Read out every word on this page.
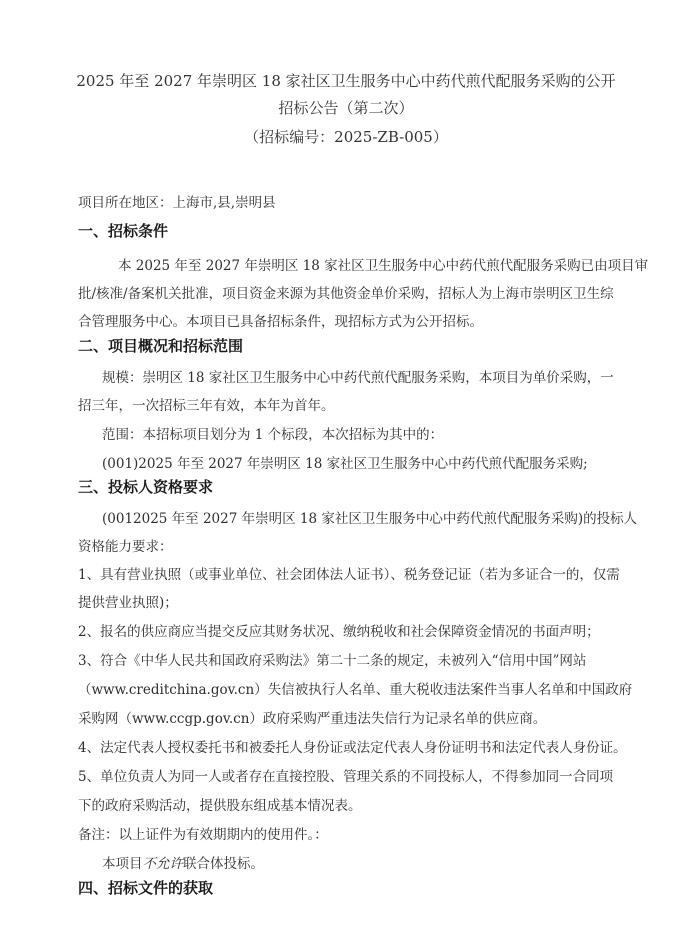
2025 年至 2027 年崇明区 18 家社区卫生服务中心中药代煎代配服务采购的公开
招标公告（第二次）
（招标编号：2025-ZB-005）
项目所在地区：上海市,县,崇明县
一、招标条件
本 2025 年至 2027 年崇明区 18 家社区卫生服务中心中药代煎代配服务采购已由项目审
批/核准/备案机关批准，项目资金来源为其他资金单价采购，招标人为上海市崇明区卫生综
合管理服务中心。本项目已具备招标条件，现招标方式为公开招标。
二、项目概况和招标范围
规模：崇明区 18 家社区卫生服务中心中药代煎代配服务采购，本项目为单价采购，一
招三年，一次招标三年有效，本年为首年。
范围：本招标项目划分为 1 个标段，本次招标为其中的：
(001)2025 年至 2027 年崇明区 18 家社区卫生服务中心中药代煎代配服务采购;
三、投标人资格要求
(0012025 年至 2027 年崇明区 18 家社区卫生服务中心中药代煎代配服务采购)的投标人
资格能力要求：
1、具有营业执照（或事业单位、社会团体法人证书）、税务登记证（若为多证合一的，仅需
提供营业执照)；
2、报名的供应商应当提交反应其财务状况、缴纳税收和社会保障资金情况的书面声明；
3、符合《中华人民共和国政府采购法》第二十二条的规定，未被列入“信用中国”网站
（www.creditchina.gov.cn）失信被执行人名单、重大税收违法案件当事人名单和中国政府
采购网（www.ccgp.gov.cn）政府采购严重违法失信行为记录名单的供应商。
4、法定代表人授权委托书和被委托人身份证或法定代表人身份证明书和法定代表人身份证。
5、单位负责人为同一人或者存在直接控股、管理关系的不同投标人，不得参加同一合同项
下的政府采购活动，提供股东组成基本情况表。
备注：以上证件为有效期期内的使用件。：
本项目不允许联合体投标。
四、招标文件的获取
